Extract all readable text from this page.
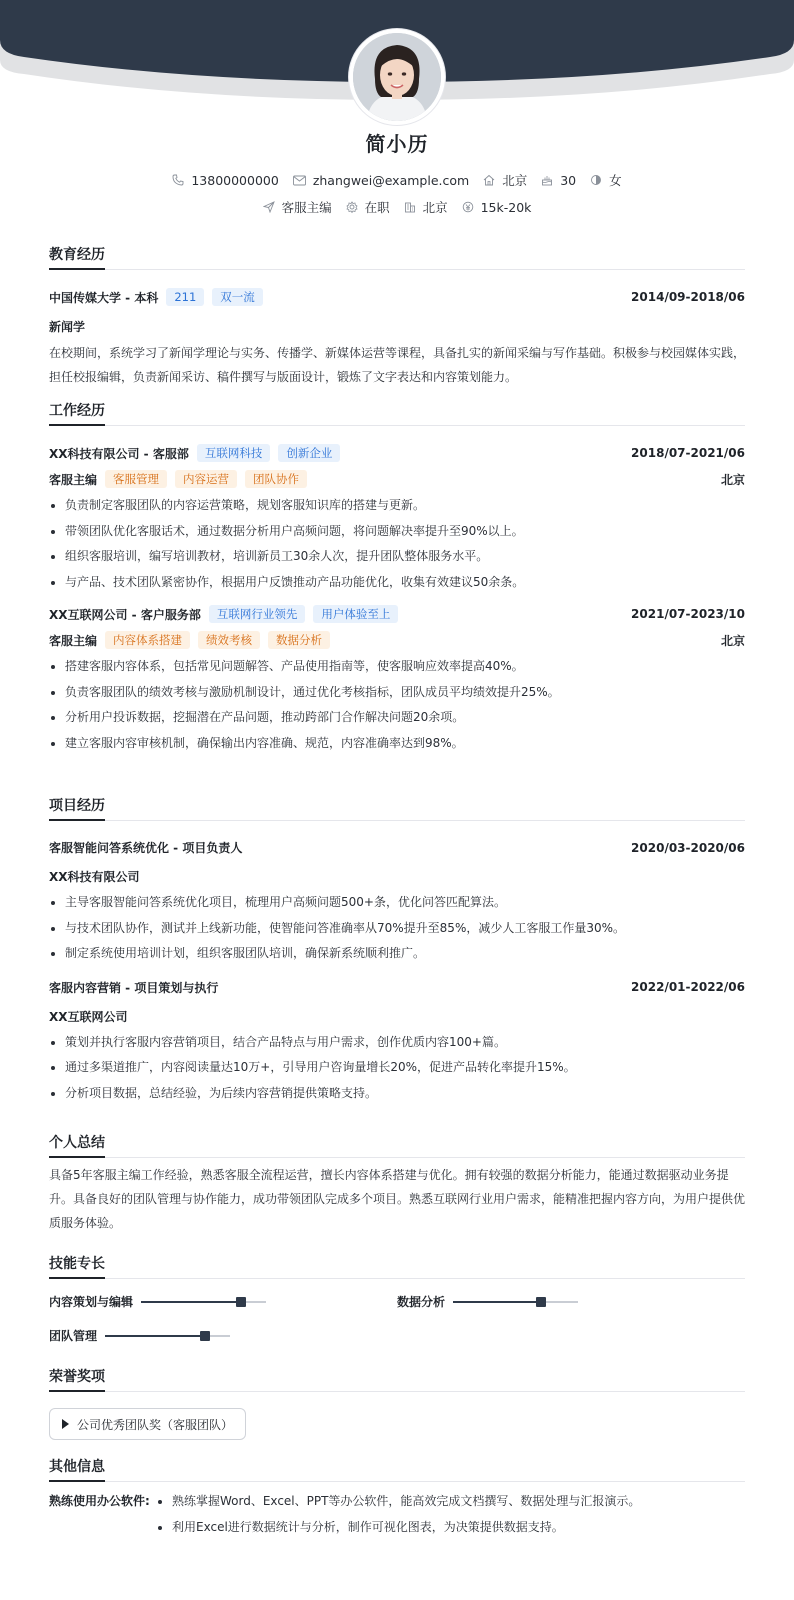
简小历
13800000000	zhangwei@example.com	北京	30	女
客服主编	在职	北京	15k-20k
教育经历
中国传媒大学 - 本科	211	双一流	2014/09-2018/06
新闻学
在校期间，系统学习了新闻学理论与实务、传播学、新媒体运营等课程，具备扎实的新闻采编与写作基础。积极参与校园媒体实践，担任校报编辑，负责新闻采访、稿件撰写与版面设计，锻炼了文字表达和内容策划能力。
工作经历
XX科技有限公司 - 客服部	互联网科技	创新企业	2018/07-2021/06
客服主编	客服管理	内容运营	团队协作	北京
负责制定客服团队的内容运营策略，规划客服知识库的搭建与更新。
带领团队优化客服话术，通过数据分析用户高频问题，将问题解决率提升至90%以上。
组织客服培训，编写培训教材，培训新员工30余人次，提升团队整体服务水平。
与产品、技术团队紧密协作，根据用户反馈推动产品功能优化，收集有效建议50余条。
XX互联网公司 - 客户服务部	互联网行业领先	用户体验至上	2021/07-2023/10
客服主编	内容体系搭建	绩效考核	数据分析	北京
搭建客服内容体系，包括常见问题解答、产品使用指南等，使客服响应效率提高40%。
负责客服团队的绩效考核与激励机制设计，通过优化考核指标，团队成员平均绩效提升25%。
分析用户投诉数据，挖掘潜在产品问题，推动跨部门合作解决问题20余项。
建立客服内容审核机制，确保输出内容准确、规范，内容准确率达到98%。
项目经历
客服智能问答系统优化 - 项目负责人	2020/03-2020/06
XX科技有限公司
主导客服智能问答系统优化项目，梳理用户高频问题500+条，优化问答匹配算法。
与技术团队协作，测试并上线新功能，使智能问答准确率从70%提升至85%，减少人工客服工作量30%。
制定系统使用培训计划，组织客服团队培训，确保新系统顺利推广。
客服内容营销 - 项目策划与执行	2022/01-2022/06
XX互联网公司
策划并执行客服内容营销项目，结合产品特点与用户需求，创作优质内容100+篇。
通过多渠道推广，内容阅读量达10万+，引导用户咨询量增长20%，促进产品转化率提升15%。
分析项目数据，总结经验，为后续内容营销提供策略支持。
个人总结
具备5年客服主编工作经验，熟悉客服全流程运营，擅长内容体系搭建与优化。拥有较强的数据分析能力，能通过数据驱动业务提升。具备良好的团队管理与协作能力，成功带领团队完成多个项目。熟悉互联网行业用户需求，能精准把握内容方向，为用户提供优质服务体验。
技能专长
内容策划与编辑	数据分析
团队管理
荣誉奖项
公司优秀团队奖（客服团队）
其他信息
熟练使用办公软件:	熟练掌握Word、Excel、PPT等办公软件，能高效完成文档撰写、数据处理与汇报演示。
利用Excel进行数据统计与分析，制作可视化图表，为决策提供数据支持。
